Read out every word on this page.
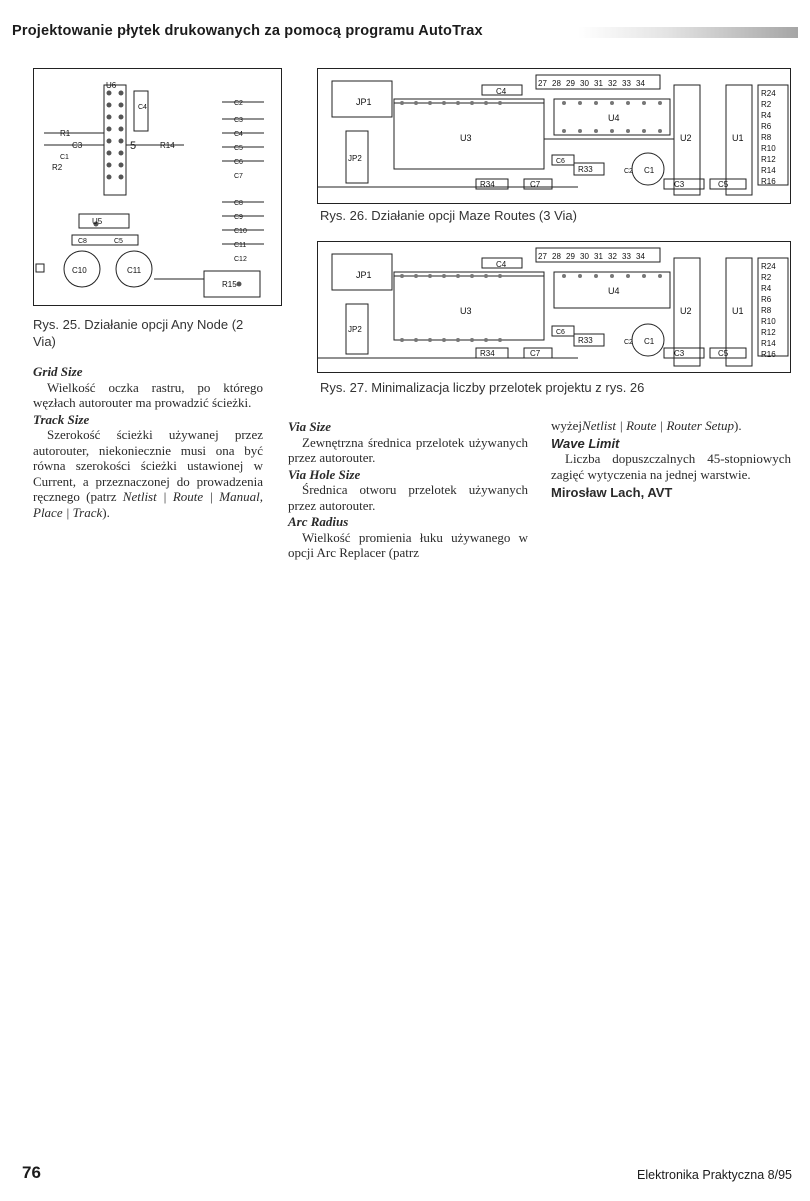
Projektowanie płytek drukowanych za pomocą programu AutoTrax
U6
C4
R1
C3
R2
C1
R14
U5
C8	C5
C10	C11
R15
C2
C3
C4
C5
C6
C7
C8
C9
C10
C11
C12
5
Rys. 25. Działanie opcji Any Node (2 Via)
C4
27 28 29 30 31 32 33 34
JP1
JP2
U3
U4
U2	U1
C6
R33
R34	C7
C1
C2
C3	C5
R24
R2
R4
R6
R8
R10
R12
R14
R16
Rys. 26. Działanie opcji Maze Routes (3 Via)
C4
27 28 29 30 31 32 33 34
JP1
JP2
U3
U4
U2	U1
C6
R33
R34	C7
C1
C2
C3	C5
R24
R2
R4
R6
R8
R10
R12
R14
R16
Rys. 27. Minimalizacja liczby przelotek projektu z rys. 26
Grid Size

Wielkość oczka rastru, po którego węzłach autorouter ma prowadzić ścieżki.

Track Size

Szerokość ścieżki używanej przez autorouter, niekoniecznie musi ona być równa szerokości ścieżki ustawionej w Current, a przeznaczonej do prowadzenia ręcznego (patrz Netlist | Route | Manual, Place | Track).

Via Size

Zewnętrzna średnica przelotek używanych przez autorouter.

Via Hole Size

Średnica otworu przelotek używanych przez autorouter.

Arc Radius

Wielkość promienia łuku używanego w opcji Arc Replacer (patrz

wyżejNetlist | Route | Router Setup).

Wave Limit

Liczba dopuszczalnych 45-stopniowych zagięć wytyczenia na jednej warstwie.

Mirosław Lach, AVT
76	Elektronika Praktyczna 8/95
